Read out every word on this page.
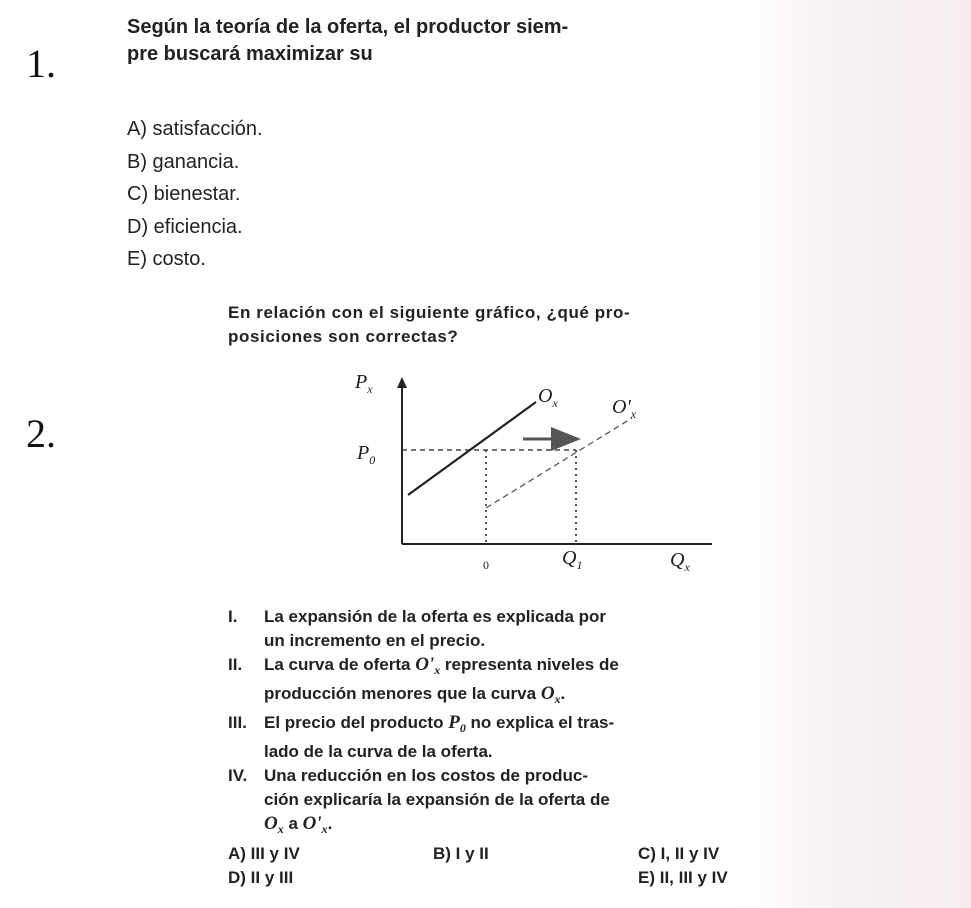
1.
Según la teoría de la oferta, el productor siem-
pre buscará maximizar su
A) satisfacción.
B) ganancia.
C) bienestar.
D) eficiencia.
E) costo.
2.
En relación con el siguiente gráfico, ¿qué pro-
posiciones son correctas?
$P_x$
$Q_x$
$P_0$
$O_x$	$O'_x$
0	$Q_1$
I.	La expansión de la oferta es explicada por
un incremento en el precio.
II.	La curva de oferta $O'_x$ representa niveles de
producción menores que la curva $O_x$.
III.	El precio del producto $P_0$ no explica el tras-
lado de la curva de la oferta.
IV. Una reducción en los costos de produc-
ción explicaría la expansión de la oferta de
$O_x$ a $O'_x$.
A) III y IV	B) I y II	C) I, II y IV
D) II y III	E) II, III y IV
